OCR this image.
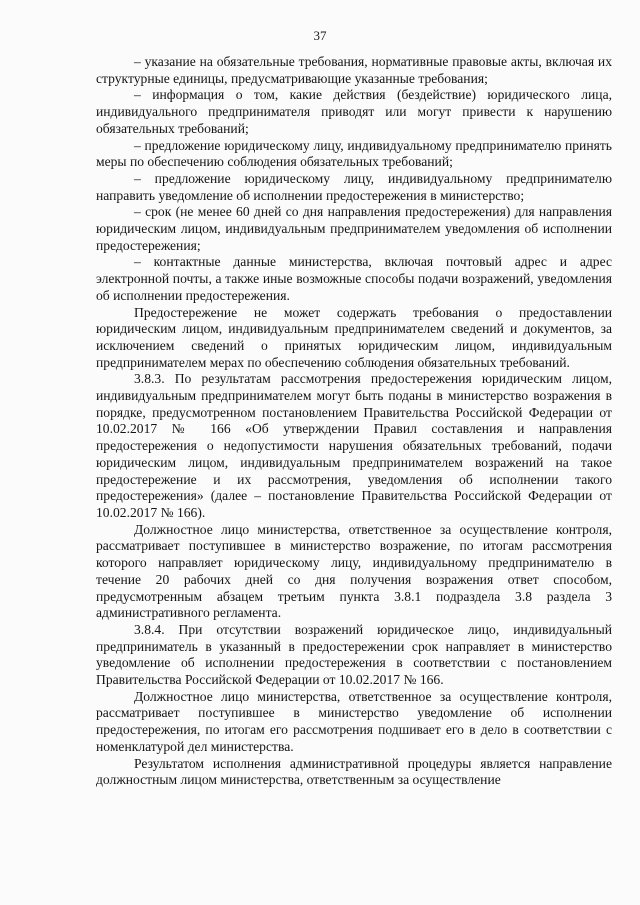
37

– указание на обязательные требования, нормативные правовые акты, включая их структурные единицы, предусматривающие указанные требования;

– информация о том, какие действия (бездействие) юридического лица, индивидуального предпринимателя приводят или могут привести к нарушению обязательных требований;

– предложение юридическому лицу, индивидуальному предпринимателю принять меры по обеспечению соблюдения обязательных требований;

– предложение юридическому лицу, индивидуальному предпринимателю направить уведомление об исполнении предостережения в министерство;

– срок (не менее 60 дней со дня направления предостережения) для направления юридическим лицом, индивидуальным предпринимателем уведомления об исполнении предостережения;

– контактные данные министерства, включая почтовый адрес и адрес электронной почты, а также иные возможные способы подачи возражений, уведомления об исполнении предостережения.

Предостережение не может содержать требования о предоставлении юридическим лицом, индивидуальным предпринимателем сведений и документов, за исключением сведений о принятых юридическим лицом, индивидуальным предпринимателем мерах по обеспечению соблюдения обязательных требований.

3.8.3. По результатам рассмотрения предостережения юридическим лицом, индивидуальным предпринимателем могут быть поданы в министерство возражения в порядке, предусмотренном постановлением Правительства Российской Федерации от 10.02.2017 № 166 «Об утверждении Правил составления и направления предостережения о недопустимости нарушения обязательных требований, подачи юридическим лицом, индивидуальным предпринимателем возражений на такое предостережение и их рассмотрения, уведомления об исполнении такого предостережения» (далее – постановление Правительства Российской Федерации от 10.02.2017 № 166).

Должностное лицо министерства, ответственное за осуществление контроля, рассматривает поступившее в министерство возражение, по итогам рассмотрения которого направляет юридическому лицу, индивидуальному предпринимателю в течение 20 рабочих дней со дня получения возражения ответ способом, предусмотренным абзацем третьим пункта 3.8.1 подраздела 3.8 раздела 3 административного регламента.

3.8.4. При отсутствии возражений юридическое лицо, индивидуальный предприниматель в указанный в предостережении срок направляет в министерство уведомление об исполнении предостережения в соответствии с постановлением Правительства Российской Федерации от 10.02.2017 № 166.

Должностное лицо министерства, ответственное за осуществление контроля, рассматривает поступившее в министерство уведомление об исполнении предостережения, по итогам его рассмотрения подшивает его в дело в соответствии с номенклатурой дел министерства.

Результатом исполнения административной процедуры является направление должностным лицом министерства, ответственным за осуществление
